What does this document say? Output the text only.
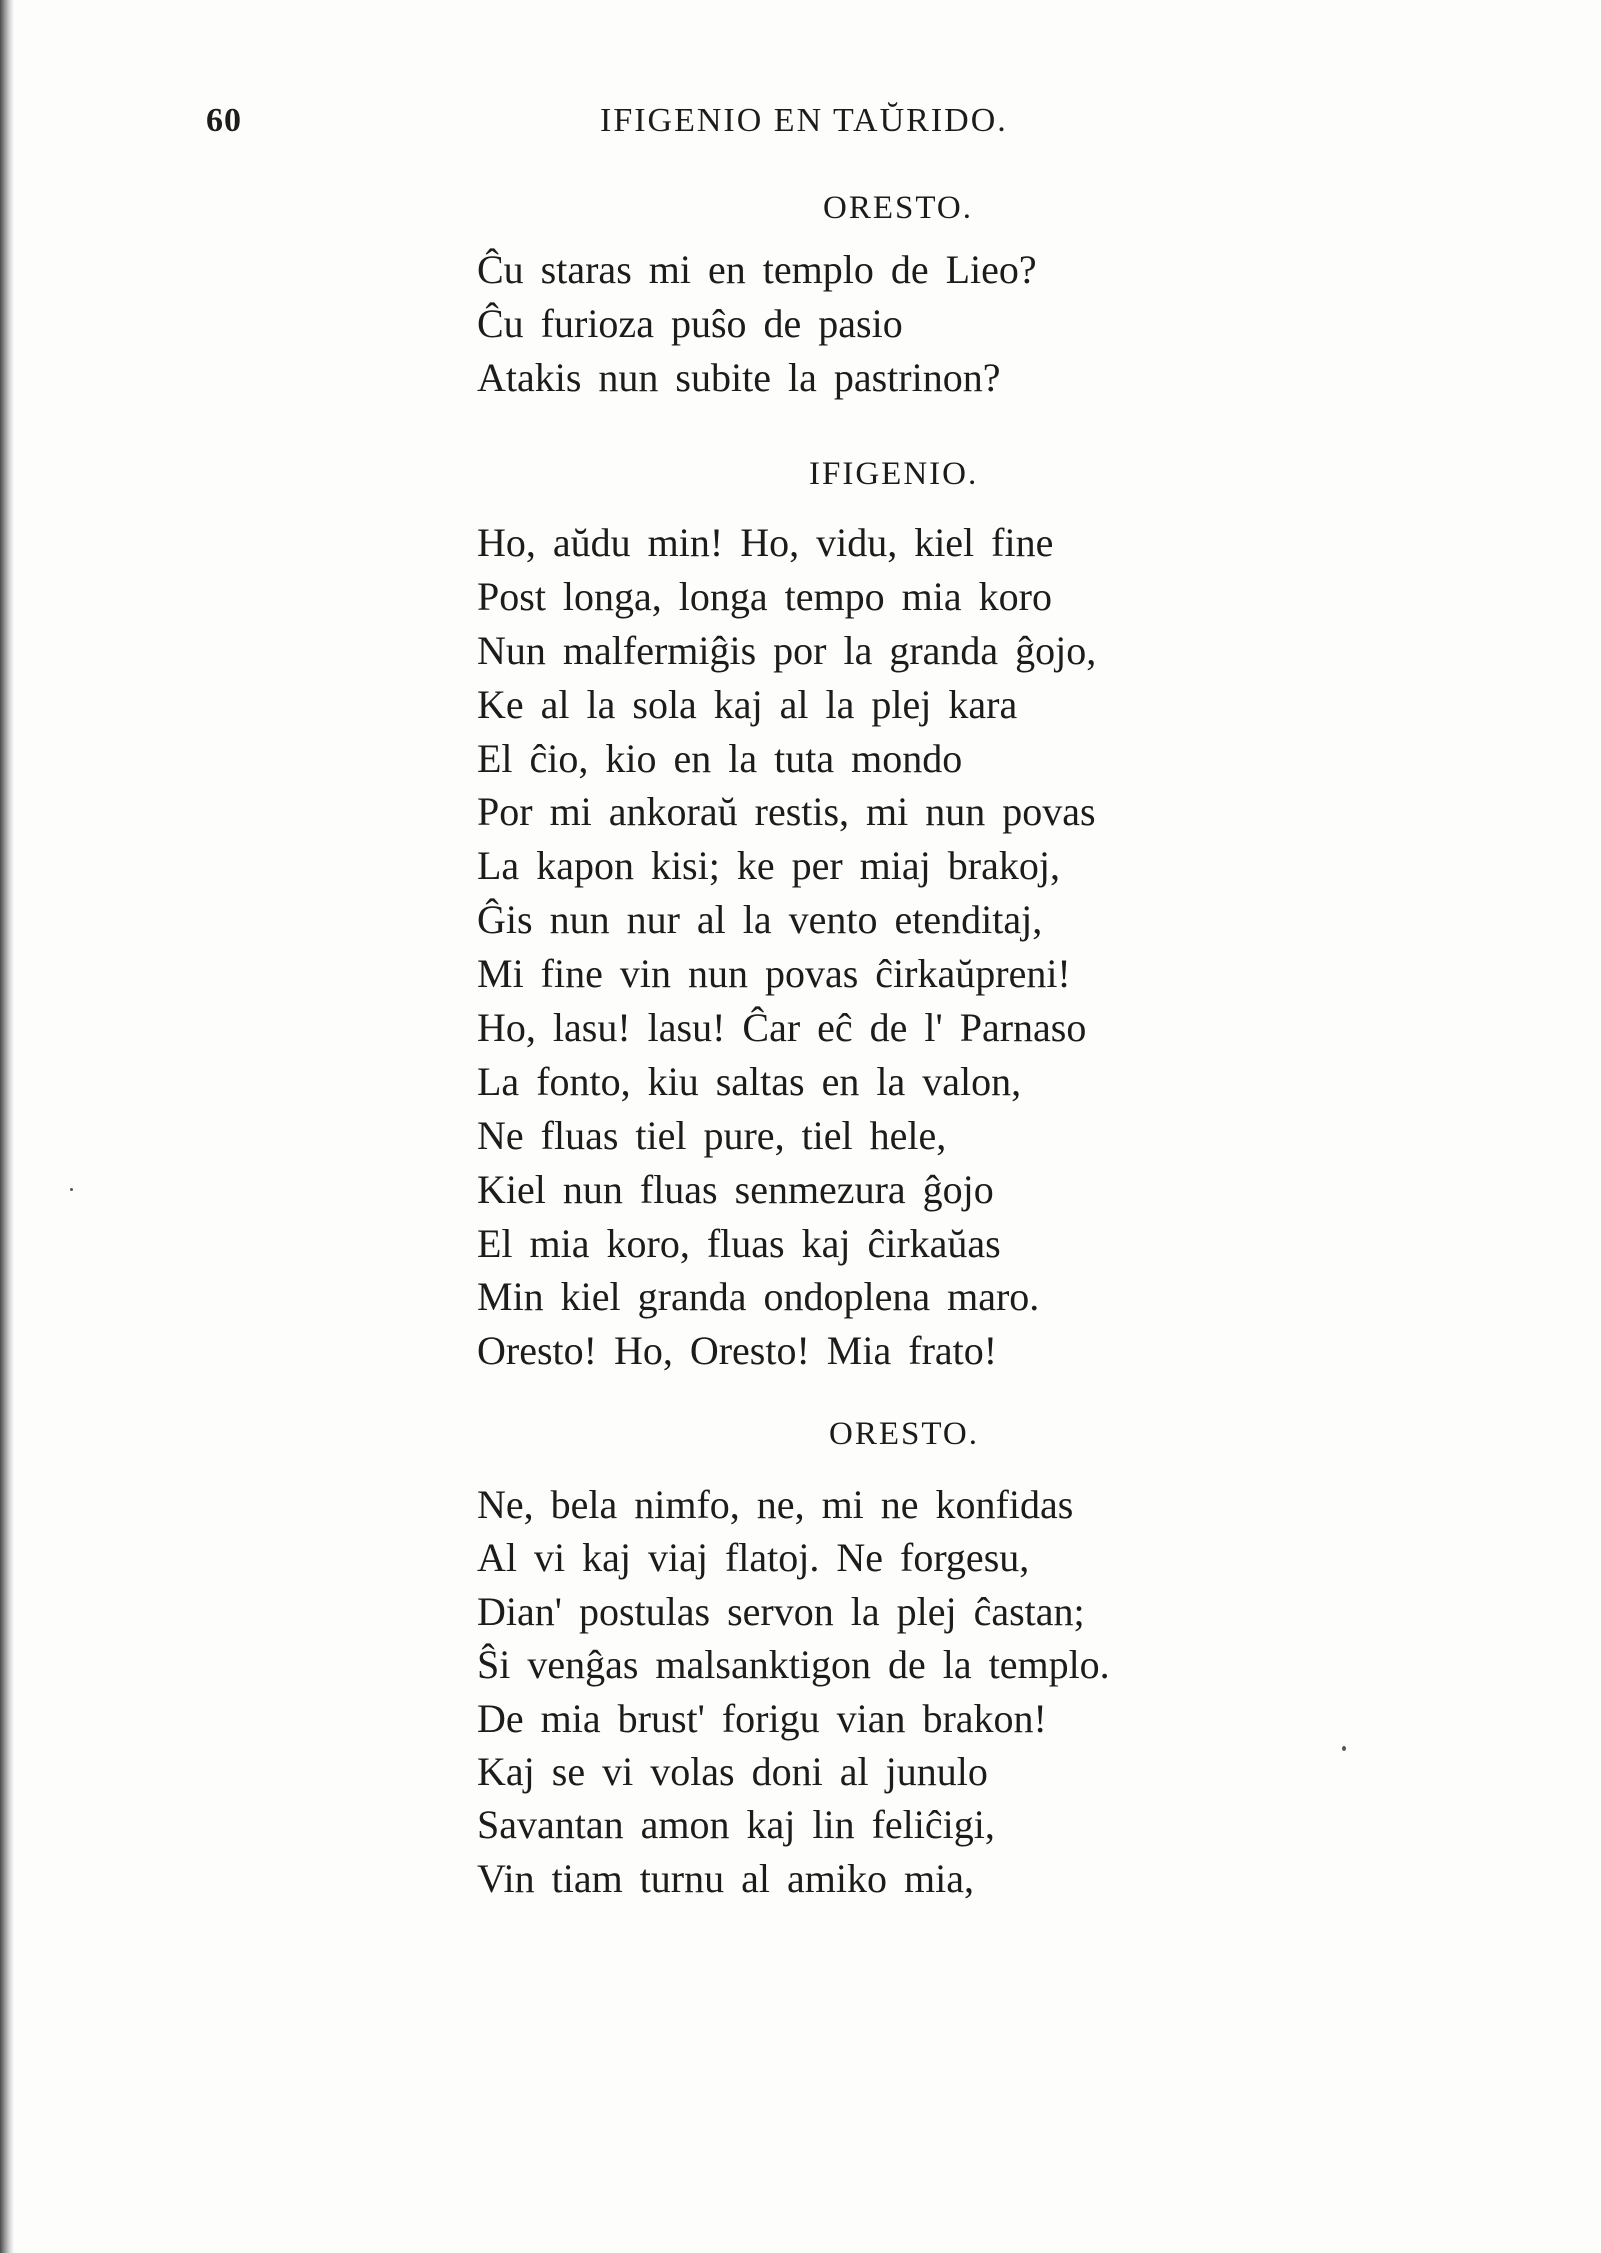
60	IFIGENIO EN TAŬRIDO.
ORESTO.
Ĉu staras mi en templo de Lieo?
Ĉu furioza puŝo de pasio
Atakis nun subite la pastrinon?
IFIGENIO.
Ho, aŭdu min! Ho, vidu, kiel fine
Post longa, longa tempo mia koro
Nun malfermiĝis por la granda ĝojo,
Ke al la sola kaj al la plej kara
El ĉio, kio en la tuta mondo
Por mi ankoraŭ restis, mi nun povas
La kapon kisi; ke per miaj brakoj,
Ĝis nun nur al la vento etenditaj,
Mi fine vin nun povas ĉirkaŭpreni!
Ho, lasu! lasu! Ĉar eĉ de l' Parnaso
La fonto, kiu saltas en la valon,
Ne fluas tiel pure, tiel hele,
Kiel nun fluas senmezura ĝojo
El mia koro, fluas kaj ĉirkaŭas
Min kiel granda ondoplena maro.
Oresto! Ho, Oresto! Mia frato!
ORESTO.
Ne, bela nimfo, ne, mi ne konfidas
Al vi kaj viaj flatoj. Ne forgesu,
Dian' postulas servon la plej ĉastan;
Ŝi venĝas malsanktigon de la templo.
De mia brust' forigu vian brakon!
Kaj se vi volas doni al junulo
Savantan amon kaj lin feliĉigi,
Vin tiam turnu al amiko mia,
